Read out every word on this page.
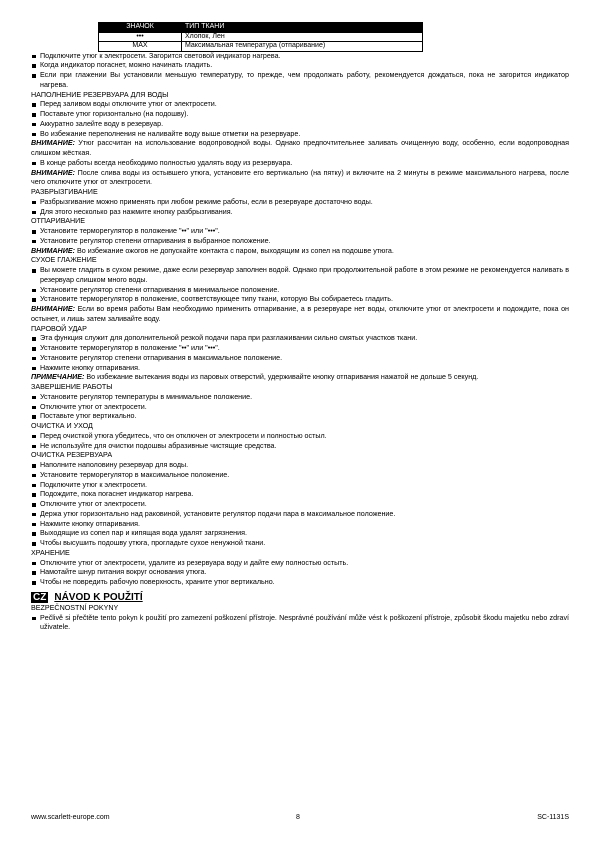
ЗНАЧОК	ТИП ТКАНИ
•••	Хлопок, Лен
MAX	Максимальная температура (отпаривание)
Подключите утюг к электросети. Загорится световой индикатор нагрева.
Когда индикатор погаснет, можно начинать гладить.
Если при глажении Вы установили меньшую температуру, то прежде, чем продолжать работу, рекомендуется дождаться, пока не загорится индикатор нагрева.
НАПОЛНЕНИЕ РЕЗЕРВУАРА ДЛЯ ВОДЫ
Перед заливом воды отключите утюг от электросети.
Поставьте утюг горизонтально (на подошву).
Аккуратно залейте воду в резервуар.
Во избежание переполнения не наливайте воду выше отметки на резервуаре.
ВНИМАНИЕ: Утюг рассчитан на использование водопроводной воды. Однако предпочтительнее заливать очищенную воду, особенно, если водопроводная слишком жёсткая.
В конце работы всегда необходимо полностью удалять воду из резервуара.
ВНИМАНИЕ: После слива воды из остывшего утюга, установите его вертикально (на пятку) и включите на 2 минуты в режиме максимального нагрева, после чего отключите утюг от электросети.
РАЗБРЫЗГИВАНИЕ
Разбрызгивание можно применять при любом режиме работы, если в резервуаре достаточно воды.
Для этого несколько раз нажмите кнопку разбрызгивания.
ОТПАРИВАНИЕ
Установите терморегулятор в положение "••" или "•••".
Установите регулятор степени отпаривания в выбранное положение.
ВНИМАНИЕ: Во избежание ожогов не допускайте контакта с паром, выходящим из сопел на подошве утюга.
СУХОЕ ГЛАЖЕНИЕ
Вы можете гладить в сухом режиме, даже если резервуар заполнен водой. Однако при продолжительной работе в этом режиме не рекомендуется наливать в резервуар слишком много воды.
Установите регулятор степени отпаривания в минимальное положение.
Установите терморегулятор в положение, соответствующее типу ткани, которую Вы собираетесь гладить.
ВНИМАНИЕ: Если во время работы Вам необходимо применить отпаривание, а в резервуаре нет воды, отключите утюг от электросети и подождите, пока он остынет, и лишь затем заливайте воду.
ПАРОВОЙ УДАР
Эта функция служит для дополнительной резкой подачи пара при разглаживании сильно смятых участков ткани.
Установите терморегулятор в положение "••" или "•••".
Установите регулятор степени отпаривания в максимальное положение.
Нажмите кнопку отпаривания.
ПРИМЕЧАНИЕ: Во избежание вытекания воды из паровых отверстий, удерживайте кнопку отпаривания нажатой не дольше 5 секунд.
ЗАВЕРШЕНИЕ РАБОТЫ
Установите регулятор температуры в минимальное положение.
Отключите утюг от электросети.
Поставьте утюг вертикально.
ОЧИСТКА И УХОД
Перед очисткой утюга убедитесь, что он отключен от электросети и полностью остыл.
Не используйте для очистки подошвы абразивные чистящие средства.
ОЧИСТКА РЕЗЕРВУАРА
Наполните наполовину резервуар для воды.
Установите терморегулятор в максимальное положение.
Подключите утюг к электросети.
Подождите, пока погаснет индикатор нагрева.
Отключите утюг от электросети.
Держа утюг горизонтально над раковиной, установите регулятор подачи пара в максимальное положение.
Нажмите кнопку отпаривания.
Выходящие из сопел пар и кипящая вода удалят загрязнения.
Чтобы высушить подошву утюга, прогладьте сухое ненужной ткани.
ХРАНЕНИЕ
Отключите утюг от электросети, удалите из резервуара воду и дайте ему полностью остыть.
Намотайте шнур питания вокруг основания утюга.
Чтобы не повредить рабочую поверхность, храните утюг вертикально.
CZ NÁVOD K POUŽITÍ
BEZPEČNOSTNÍ POKYNY
Pečlivě si přečtěte tento pokyn k použití pro zamezení poškození přístroje. Nesprávné používání může vést k poškození přístroje, způsobit škodu majetku nebo zdraví uživatele.
www.scarlett-europe.com	8	SC-1131S
